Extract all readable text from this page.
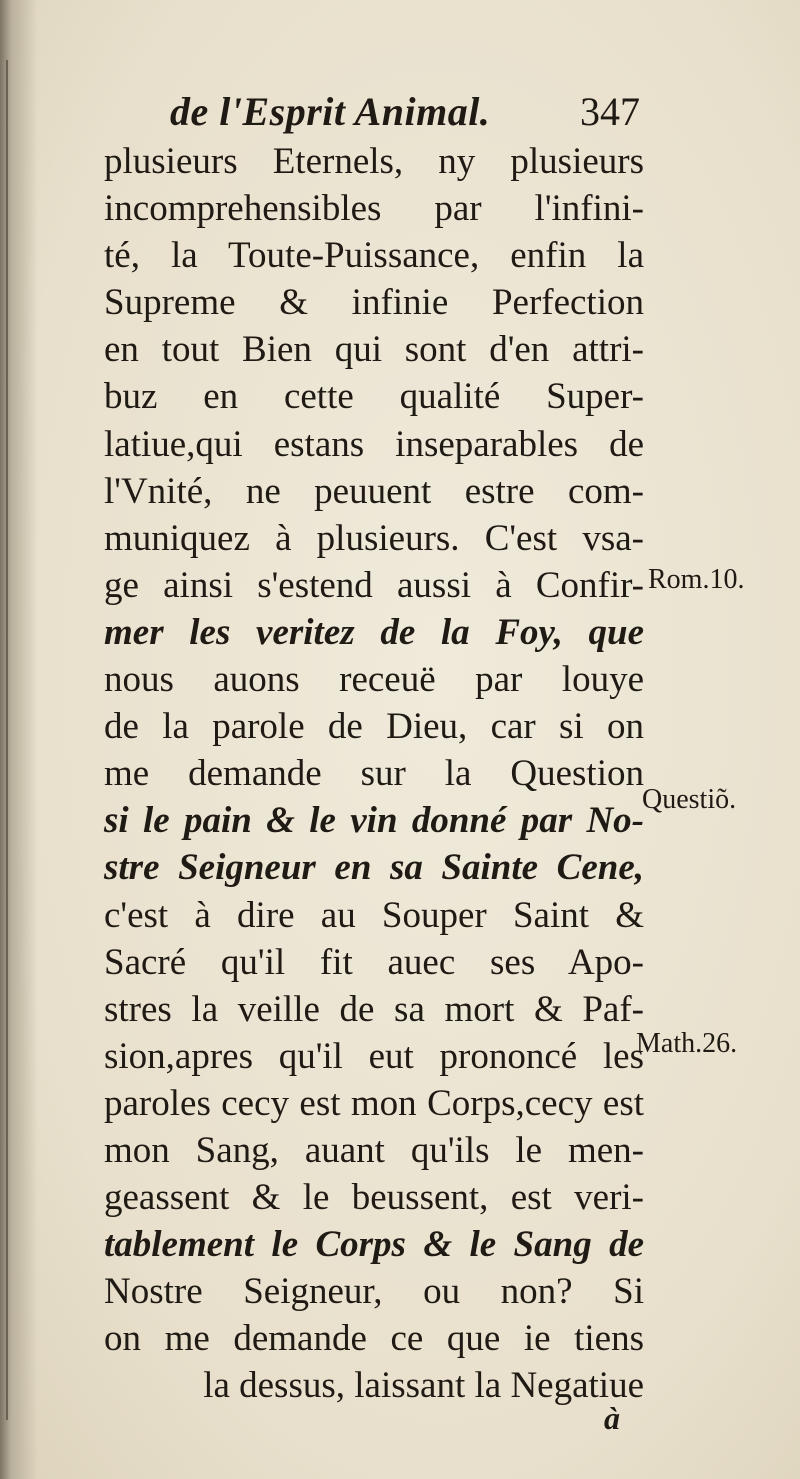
de l'Esprit Animal. 347
plusieurs Eternels, ny plusieurs
incomprehensibles par l'infini-
té, la Toute-Puissance, enfin la
Supreme & infinie Perfection
en tout Bien qui sont d'en attri-
buz en cette qualité Super-
latiue,qui estans inseparables de
l'Vnité, ne peuuent estre com-
muniquez à plusieurs. C'est vsa-
ge ainsi s'estend aussi à Confir-
mer les veritez de la Foy, que
nous auons receuë par louye
de la parole de Dieu, car si on
me demande sur la Question
si le pain & le vin donné par No-
stre Seigneur en sa Sainte Cene,
c'est à dire au Souper Saint &
Sacré qu'il fit auec ses Apo-
stres la veille de sa mort & Paf-
sion,apres qu'il eut prononcé les
paroles cecy est mon Corps,cecy est
mon Sang, auant qu'ils le men-
geassent & le beussent, est veri-
tablement le Corps & le Sang de
Nostre Seigneur, ou non? Si
on me demande ce que ie tiens
la dessus, laissant la Negatiue
à
Rom.10.
Questiõ.
Math.26.
